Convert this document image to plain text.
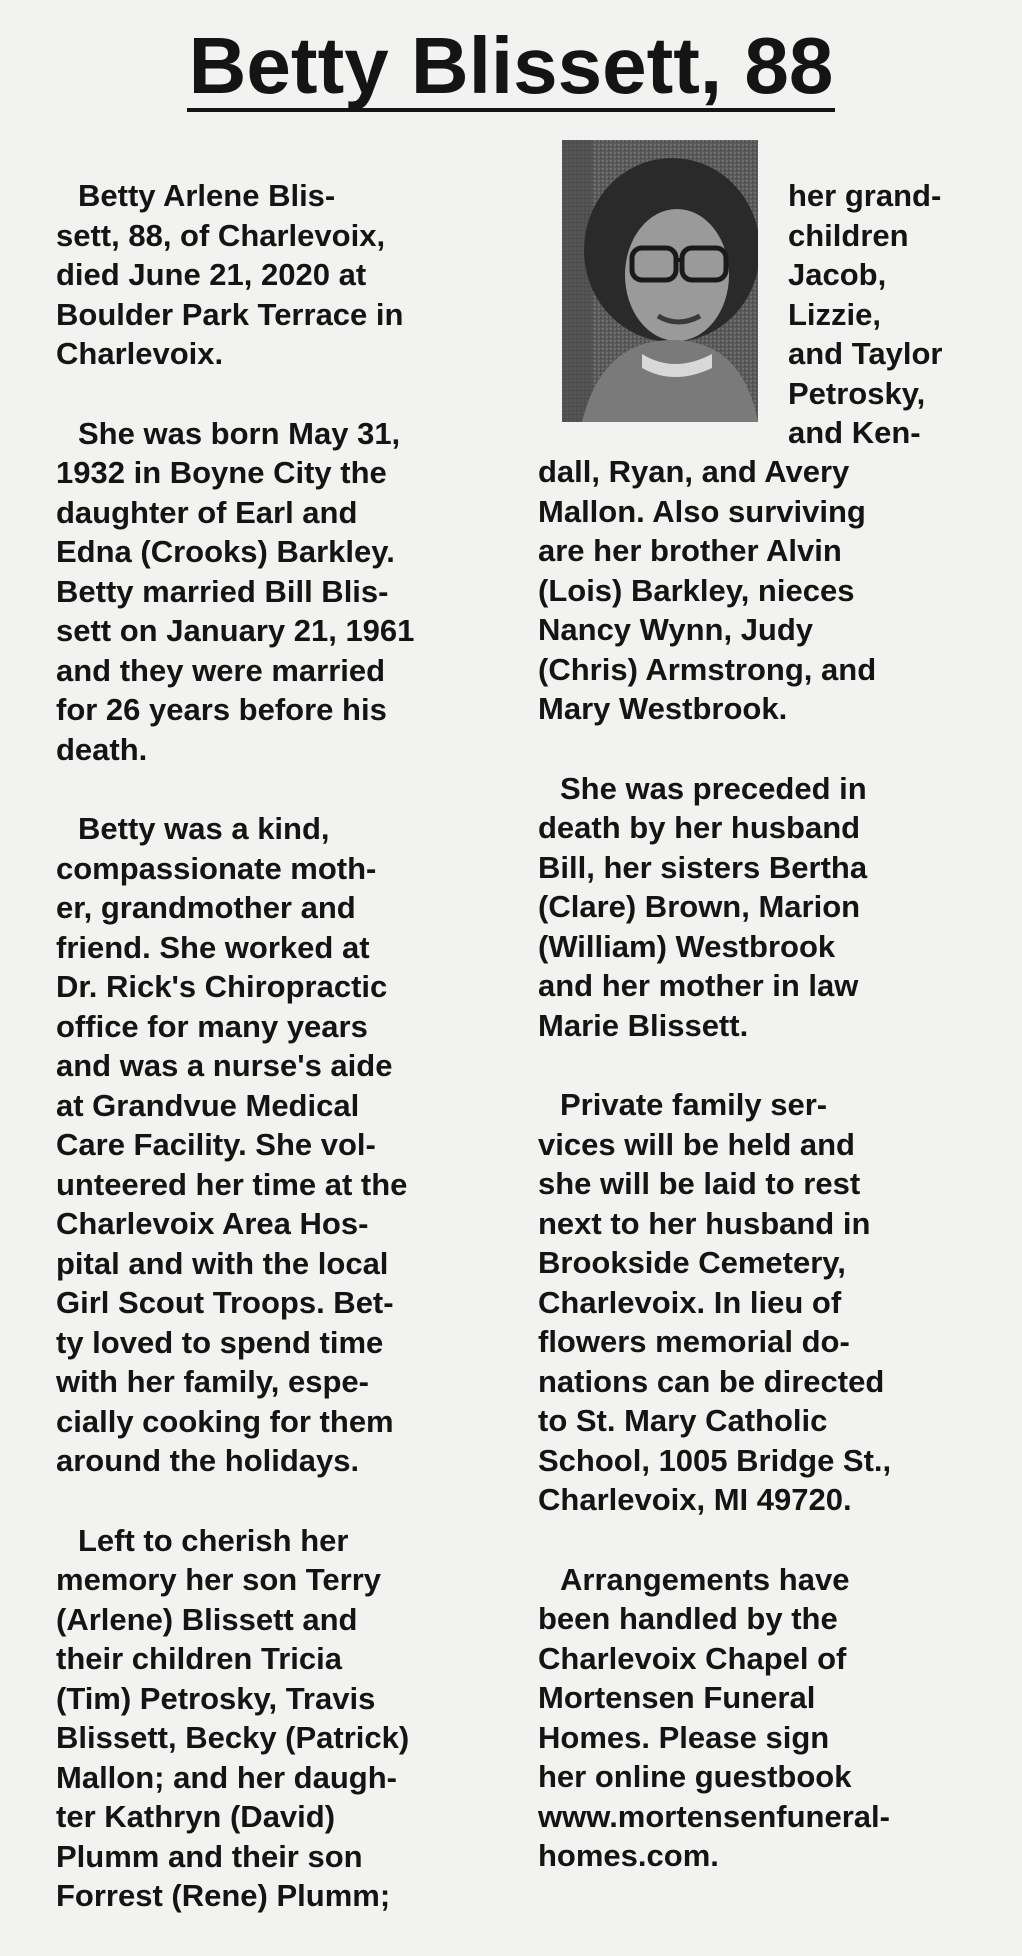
Betty Blissett, 88

Betty Arlene Blis-
sett, 88, of Charlevoix,
died June 21, 2020 at
Boulder Park Terrace in
Charlevoix.

She was born May 31,
1932 in Boyne City the
daughter of Earl and
Edna (Crooks) Barkley.
Betty married Bill Blis-
sett on January 21, 1961
and they were married
for 26 years before his
death.

Betty was a kind,
compassionate moth-
er, grandmother and
friend. She worked at
Dr. Rick's Chiropractic
office for many years
and was a nurse's aide
at Grandvue Medical
Care Facility. She vol-
unteered her time at the
Charlevoix Area Hos-
pital and with the local
Girl Scout Troops. Bet-
ty loved to spend time
with her family, espe-
cially cooking for them
around the holidays.

Left to cherish her
memory her son Terry
(Arlene) Blissett and
their children Tricia
(Tim) Petrosky, Travis
Blissett, Becky (Patrick)
Mallon; and her daugh-
ter Kathryn (David)
Plumm and their son
Forrest (Rene) Plumm;

her grand-
children
Jacob,
Lizzie,
and Taylor
Petrosky,
and Ken-

dall, Ryan, and Avery
Mallon. Also surviving
are her brother Alvin
(Lois) Barkley, nieces
Nancy Wynn, Judy
(Chris) Armstrong, and
Mary Westbrook.

She was preceded in
death by her husband
Bill, her sisters Bertha
(Clare) Brown, Marion
(William) Westbrook
and her mother in law
Marie Blissett.

Private family ser-
vices will be held and
she will be laid to rest
next to her husband in
Brookside Cemetery,
Charlevoix. In lieu of
flowers memorial do-
nations can be directed
to St. Mary Catholic
School, 1005 Bridge St.,
Charlevoix, MI 49720.

Arrangements have
been handled by the
Charlevoix Chapel of
Mortensen Funeral
Homes. Please sign
her online guestbook
www.mortensenfuneral-
homes.com.
